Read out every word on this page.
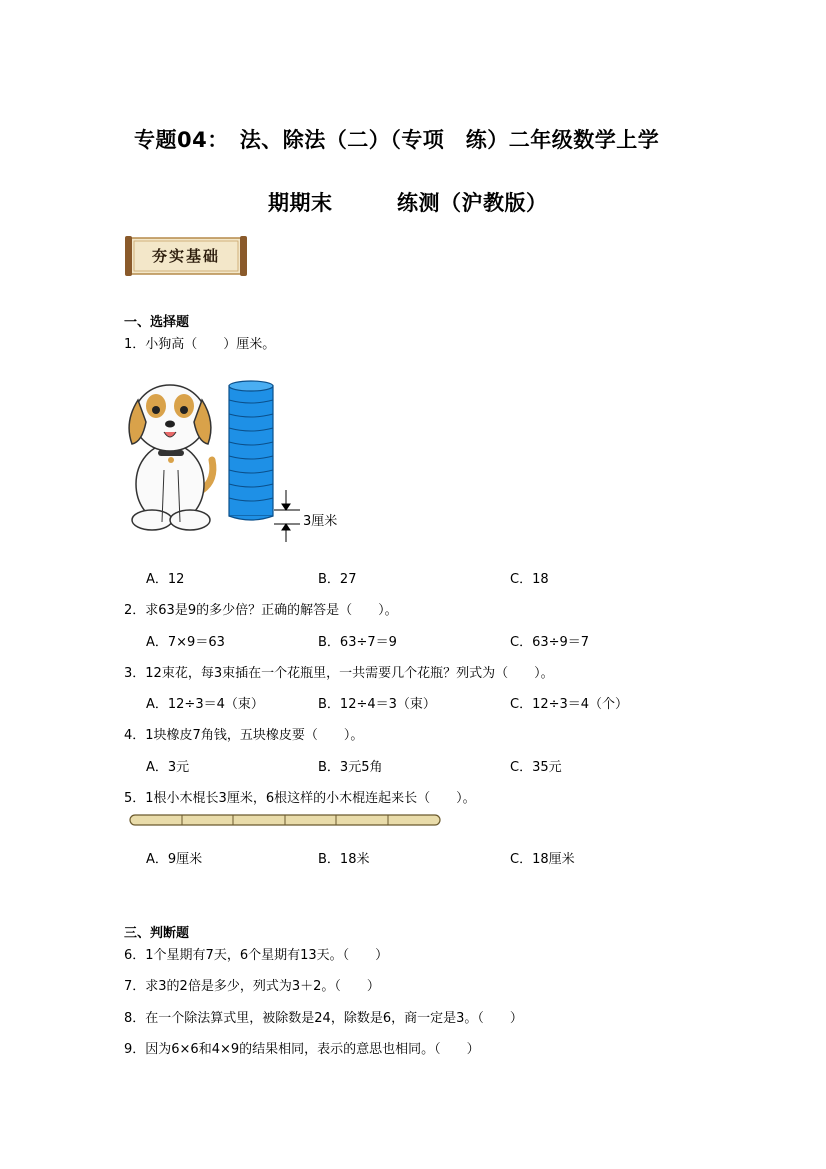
专题04：　法、除法（二）（专项　练）二年级数学上学
期期末　　　练测（沪教版）
夯实基础
一、选择题
1．小狗高（　　）厘米。
3厘米
A．12	B．27	C．18
2．求63是9的多少倍？正确的解答是（　　）。
A．7×9＝63	B．63÷7＝9	C．63÷9＝7
3．12束花，每3束插在一个花瓶里，一共需要几个花瓶？列式为（　　）。
A．12÷3＝4（束）	B．12÷4＝3（束）	C．12÷3＝4（个）
4．1块橡皮7角钱，五块橡皮要（　　）。
A．3元	B．3元5角	C．35元
5．1根小木棍长3厘米，6根这样的小木棍连起来长（　　）。
A．9厘米	B．18米	C．18厘米
三、判断题
6．1个星期有7天，6个星期有13天。（　　）
7．求3的2倍是多少，列式为3＋2。（　　）
8．在一个除法算式里，被除数是24，除数是6，商一定是3。（　　）
9．因为6×6和4×9的结果相同，表示的意思也相同。（　　）
